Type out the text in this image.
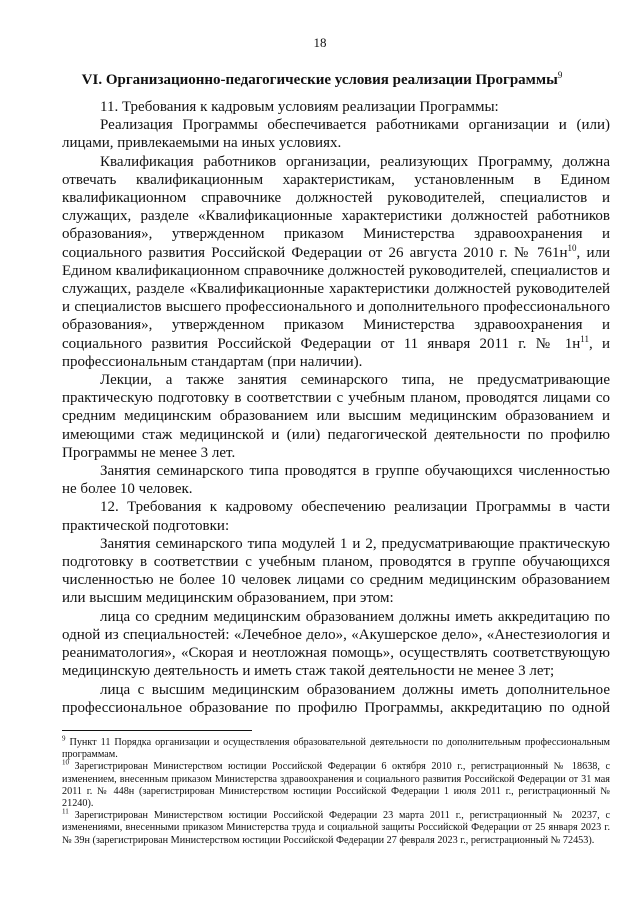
18
VI. Организационно-педагогические условия реализации Программы$^9$

11. Требования к кадровым условиям реализации Программы:

Реализация Программы обеспечивается работниками организации и (или) лицами, привлекаемыми на иных условиях.

Квалификация работников организации, реализующих Программу, должна отвечать квалификационным характеристикам, установленным в Едином квалификационном справочнике должностей руководителей, специалистов и служащих, разделе «Квалификационные характеристики должностей работников образования», утвержденном приказом Министерства здравоохранения и социального развития Российской Федерации от 26 августа 2010 г. № $761н^{10}$, или Едином квалификационном справочнике должностей руководителей, специалистов и служащих, разделе «Квалификационные характеристики должностей руководителей и специалистов высшего профессионального и дополнительного профессионального образования», утвержденном приказом Министерства здравоохранения и социального развития Российской Федерации от 11 января 2011 г. № $1н^{11}$, и профессиональным стандартам (при наличии).

Лекции, а также занятия семинарского типа, не предусматривающие практическую подготовку в соответствии с учебным планом, проводятся лицами со средним медицинским образованием или высшим медицинским образованием и имеющими стаж медицинской и (или) педагогической деятельности по профилю Программы не менее 3 лет.

Занятия семинарского типа проводятся в группе обучающихся численностью не более 10 человек.

12. Требования к кадровому обеспечению реализации Программы в части практической подготовки:

Занятия семинарского типа модулей 1 и 2, предусматривающие практическую подготовку в соответствии с учебным планом, проводятся в группе обучающихся численностью не более 10 человек лицами со средним медицинским образованием или высшим медицинским образованием, при этом:

лица со средним медицинским образованием должны иметь аккредитацию по одной из специальностей: «Лечебное дело», «Акушерское дело», «Анестезиология и реаниматология», «Скорая и неотложная помощь», осуществлять соответствующую медицинскую деятельность и иметь стаж такой деятельности не менее 3 лет;

лица с высшим медицинским образованием должны иметь дополнительное профессиональное образование по профилю Программы, аккредитацию по одной

$^9$ Пункт 11 Порядка организации и осуществления образовательной деятельности по дополнительным профессиональным программам.

$^{10}$ Зарегистрирован Министерством юстиции Российской Федерации 6 октября 2010 г., регистрационный № 18638, с изменением, внесенным приказом Министерства здравоохранения и социального развития Российской Федерации от 31 мая 2011 г. № 448н (зарегистрирован Министерством юстиции Российской Федерации 1 июля 2011 г., регистрационный № 21240).

$^{11}$ Зарегистрирован Министерством юстиции Российской Федерации 23 марта 2011 г., регистрационный № 20237, с изменениями, внесенными приказом Министерства труда и социальной защиты Российской Федерации от 25 января 2023 г. № 39н (зарегистрирован Министерством юстиции Российской Федерации 27 февраля 2023 г., регистрационный № 72453).
